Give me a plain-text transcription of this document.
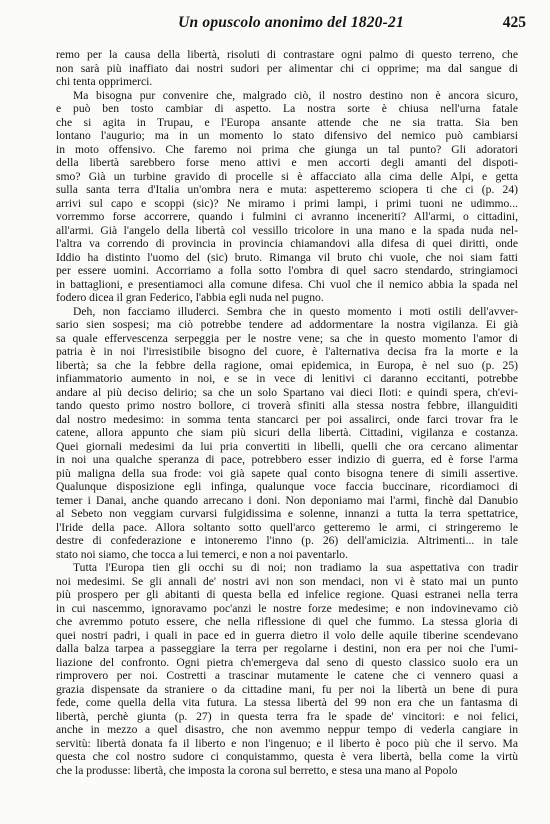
Un opuscolo anonimo del 1820-21	425
remo per la causa della libertà, risoluti di contrastare ogni palmo di questo terreno, che
non sarà più inaffiato dai nostri sudori per alimentar chi ci opprime; ma dal sangue di
chi tenta opprimerci.
Ma bisogna pur convenire che, malgrado ciò, il nostro destino non è ancora sicuro,
e può ben tosto cambiar di aspetto. La nostra sorte è chiusa nell'urna fatale
che si agita in Trupau, e l'Europa ansante attende che ne sia tratta. Sia ben
lontano l'augurio; ma in un momento lo stato difensivo del nemico può cambiarsi
in moto offensivo. Che faremo noi prima che giunga un tal punto? Gli adoratori
della libertà sarebbero forse meno attivi e men accorti degli amanti del dispoti-
smo? Già un turbine gravido di procelle si è affacciato alla cima delle Alpi, e getta
sulla santa terra d'Italia un'ombra nera e muta: aspetteremo sciopera ti che ci (p. 24)
arrivi sul capo e scoppi (sic)? Ne miramo i primi lampi, i primi tuoni ne udimmo...
vorremmo forse accorrere, quando i fulmini ci avranno inceneriti? All'armi, o cittadini,
all'armi. Già l'angelo della libertà col vessillo tricolore in una mano e la spada nuda nel-
l'altra va correndo di provincia in provincia chiamandovi alla difesa di quei diritti, onde
Iddio ha distinto l'uomo del (sic) bruto. Rimanga vil bruto chi vuole, che noi siam fatti
per essere uomini. Accorriamo a folla sotto l'ombra di quel sacro stendardo, stringiamoci
in battaglioni, e presentiamoci alla comune difesa. Chi vuol che il nemico abbia la spada nel
fodero dicea il gran Federico, l'abbia egli nuda nel pugno.
Deh, non facciamo illuderci. Sembra che in questo momento i moti ostili dell'avver-
sario sien sospesi; ma ciò potrebbe tendere ad addormentare la nostra vigilanza. Ei già
sa quale effervescenza serpeggia per le nostre vene; sa che in questo momento l'amor di
patria è in noi l'irresistibile bisogno del cuore, è l'alternativa decisa fra la morte e la
libertà; sa che la febbre della ragione, omai epidemica, in Europa, è nel suo (p. 25)
infiammatorio aumento in noi, e se in vece di lenitivi ci daranno eccitanti, potrebbe
andare al più deciso delirio; sa che un solo Spartano vai dieci Iloti: e quindi spera, ch'evi-
tando questo primo nostro bollore, ci troverà sfiniti alla stessa nostra febbre, illanguiditi
dal nostro medesimo: in somma tenta stancarci per poi assalirci, onde farci trovar fra le
catene, allora appunto che siam più sicuri della libertà. Cittadini, vigilanza e costanza.
Quei giornali medesimi da lui pria convertiti in libelli, quelli che ora cercano alimentar
in noi una qualche speranza di pace, potrebbero esser indizio di guerra, ed è forse l'arma
più maligna della sua frode: voi già sapete qual conto bisogna tenere di simili assertive.
Qualunque disposizione egli infinga, qualunque voce faccia buccinare, ricordiamoci di
temer i Danai, anche quando arrecano i doni. Non deponiamo mai l'armi, finchè dal Danubio
al Sebeto non veggiam curvarsi fulgidissima e solenne, innanzi a tutta la terra spettatrice,
l'Iride della pace. Allora soltanto sotto quell'arco getteremo le armi, ci stringeremo le
destre di confederazione e intoneremo l'inno (p. 26) dell'amicizia. Altrimenti... in tale
stato noi siamo, che tocca a lui temerci, e non a noi paventarlo.
Tutta l'Europa tien gli occhi su di noi; non tradiamo la sua aspettativa con tradir
noi medesimi. Se gli annali de' nostri avi non son mendaci, non vi è stato mai un punto
più prospero per gli abitanti di questa bella ed infelice regione. Quasi estranei nella terra
in cui nascemmo, ignoravamo poc'anzi le nostre forze medesime; e non indovinevamo ciò
che avremmo potuto essere, che nella riflessione di quel che fummo. La stessa gloria di
quei nostri padri, i quali in pace ed in guerra dietro il volo delle aquile tiberine scendevano
dalla balza tarpea a passeggiare la terra per regolarne i destini, non era per noi che l'umi-
liazione del confronto. Ogni pietra ch'emergeva dal seno di questo classico suolo era un
rimprovero per noi. Costretti a trascinar mutamente le catene che ci vennero quasi a
grazia dispensate da straniere o da cittadine mani, fu per noi la libertà un bene di pura
fede, come quella della vita futura. La stessa libertà del 99 non era che un fantasma di
libertà, perchè giunta (p. 27) in questa terra fra le spade de' vincitori: e noi felici,
anche in mezzo a quel disastro, che non avemmo neppur tempo di vederla cangiare in
servitù: libertà donata fa il liberto e non l'ingenuo; e il liberto è poco più che il servo. Ma
questa che col nostro sudore ci conquistammo, questa è vera libertà, bella come la virtù
che la produsse: libertà, che imposta la corona sul berretto, e stesa una mano al Popolo
